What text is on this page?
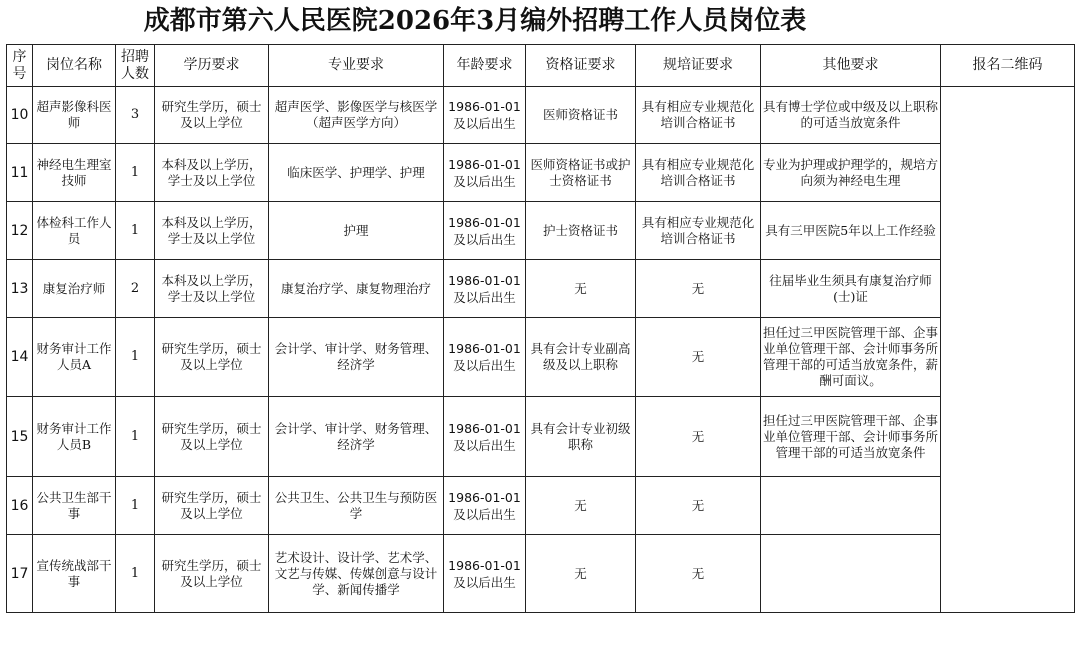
成都市第六人民医院2026年3月编外招聘工作人员岗位表
序号	岗位名称	招聘人数	学历要求	专业要求	年龄要求	资格证要求	规培证要求	其他要求	报名二维码
10	超声影像科医师	3	研究生学历，硕士及以上学位	超声医学、影像医学与核医学（超声医学方向）	1986-01-01及以后出生	医师资格证书	具有相应专业规范化培训合格证书	具有博士学位或中级及以上职称的可适当放宽条件	
11	神经电生理室技师	1	本科及以上学历，学士及以上学位	临床医学、护理学、护理	1986-01-01及以后出生	医师资格证书或护士资格证书	具有相应专业规范化培训合格证书	专业为护理或护理学的，规培方向须为神经电生理	
12	体检科工作人员	1	本科及以上学历，学士及以上学位	护理	1986-01-01及以后出生	护士资格证书	具有相应专业规范化培训合格证书	具有三甲医院5年以上工作经验	
13	康复治疗师	2	本科及以上学历，学士及以上学位	康复治疗学、康复物理治疗	1986-01-01及以后出生	无	无	往届毕业生须具有康复治疗师(士)证	
14	财务审计工作人员A	1	研究生学历，硕士及以上学位	会计学、审计学、财务管理、经济学	1986-01-01及以后出生	具有会计专业副高级及以上职称	无	担任过三甲医院管理干部、企事业单位管理干部、会计师事务所管理干部的可适当放宽条件，薪酬可面议。	
15	财务审计工作人员B	1	研究生学历，硕士及以上学位	会计学、审计学、财务管理、经济学	1986-01-01及以后出生	具有会计专业初级职称	无	担任过三甲医院管理干部、企事业单位管理干部、会计师事务所管理干部的可适当放宽条件	
16	公共卫生部干事	1	研究生学历，硕士及以上学位	公共卫生、公共卫生与预防医学	1986-01-01及以后出生	无	无		
17	宣传统战部干事	1	研究生学历，硕士及以上学位	艺术设计、设计学、艺术学、文艺与传媒、传媒创意与设计学、新闻传播学	1986-01-01及以后出生	无	无		
